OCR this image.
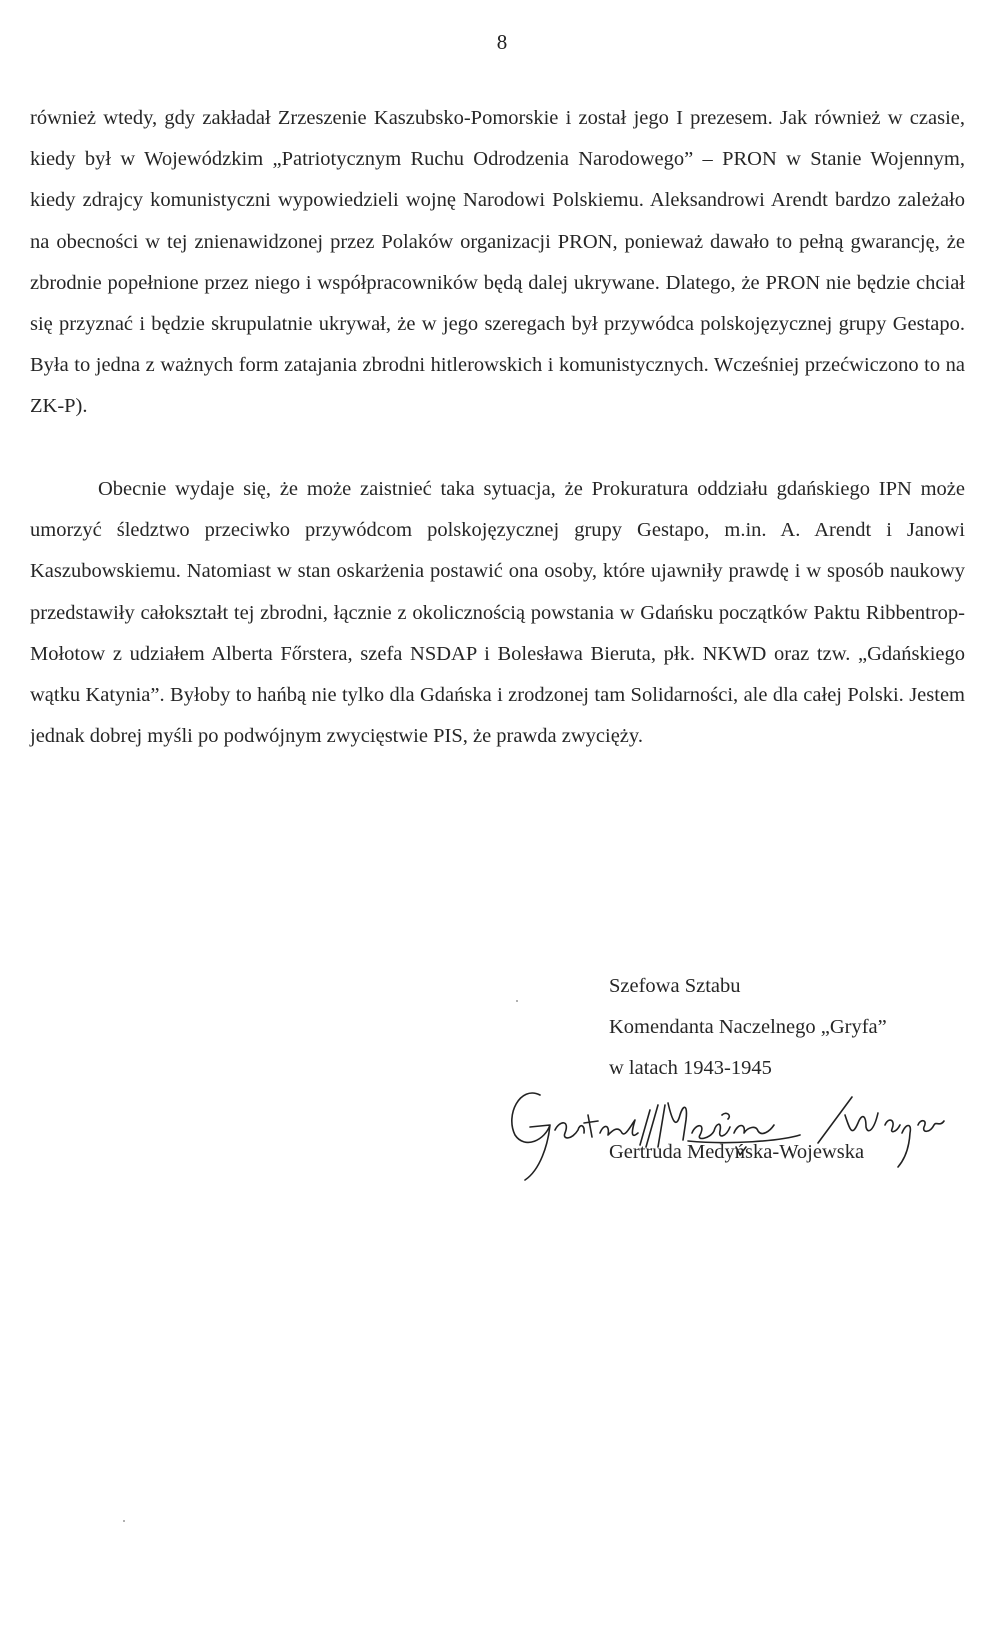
8

również wtedy, gdy zakładał Zrzeszenie Kaszubsko-Pomorskie i został jego I prezesem. Jak również w czasie, kiedy był w Wojewódzkim „Patriotycznym Ruchu Odrodzenia Narodowego” – PRON w Stanie Wojennym, kiedy zdrajcy komunistyczni wypowiedzieli wojnę Narodowi Polskiemu. Aleksandrowi Arendt bardzo zależało na obecności w tej znienawidzonej przez Polaków organizacji PRON, ponieważ dawało to pełną gwarancję, że zbrodnie popełnione przez niego i współpracowników będą dalej ukrywane. Dlatego, że PRON nie będzie chciał się przyznać i będzie skrupulatnie ukrywał, że w jego szeregach był przywódca polskojęzycznej grupy Gestapo. Była to jedna z ważnych form zatajania zbrodni hitlerowskich i komunistycznych. Wcześniej przećwiczono to na ZK-P).

Obecnie wydaje się, że może zaistnieć taka sytuacja, że Prokuratura oddziału gdańskiego IPN może umorzyć śledztwo przeciwko przywódcom polskojęzycznej grupy Gestapo, m.in. A. Arendt i Janowi Kaszubowskiemu. Natomiast w stan oskarżenia postawić ona osoby, które ujawniły prawdę i w sposób naukowy przedstawiły całokształt tej zbrodni, łącznie z okolicznością powstania w Gdańsku początków Paktu Ribbentrop-Mołotow z udziałem Alberta Főrstera, szefa NSDAP i Bolesława Bieruta, płk. NKWD oraz tzw. „Gdańskiego wątku Katynia”. Byłoby to hańbą nie tylko dla Gdańska i zrodzonej tam Solidarności, ale dla całej Polski. Jestem jednak dobrej myśli po podwójnym zwycięstwie PIS, że prawda zwycięży.

Szefowa Sztabu
Komendanta Naczelnego „Gryfa”
w latach 1943-1945
Gertruda Medyńska-Wojewska
